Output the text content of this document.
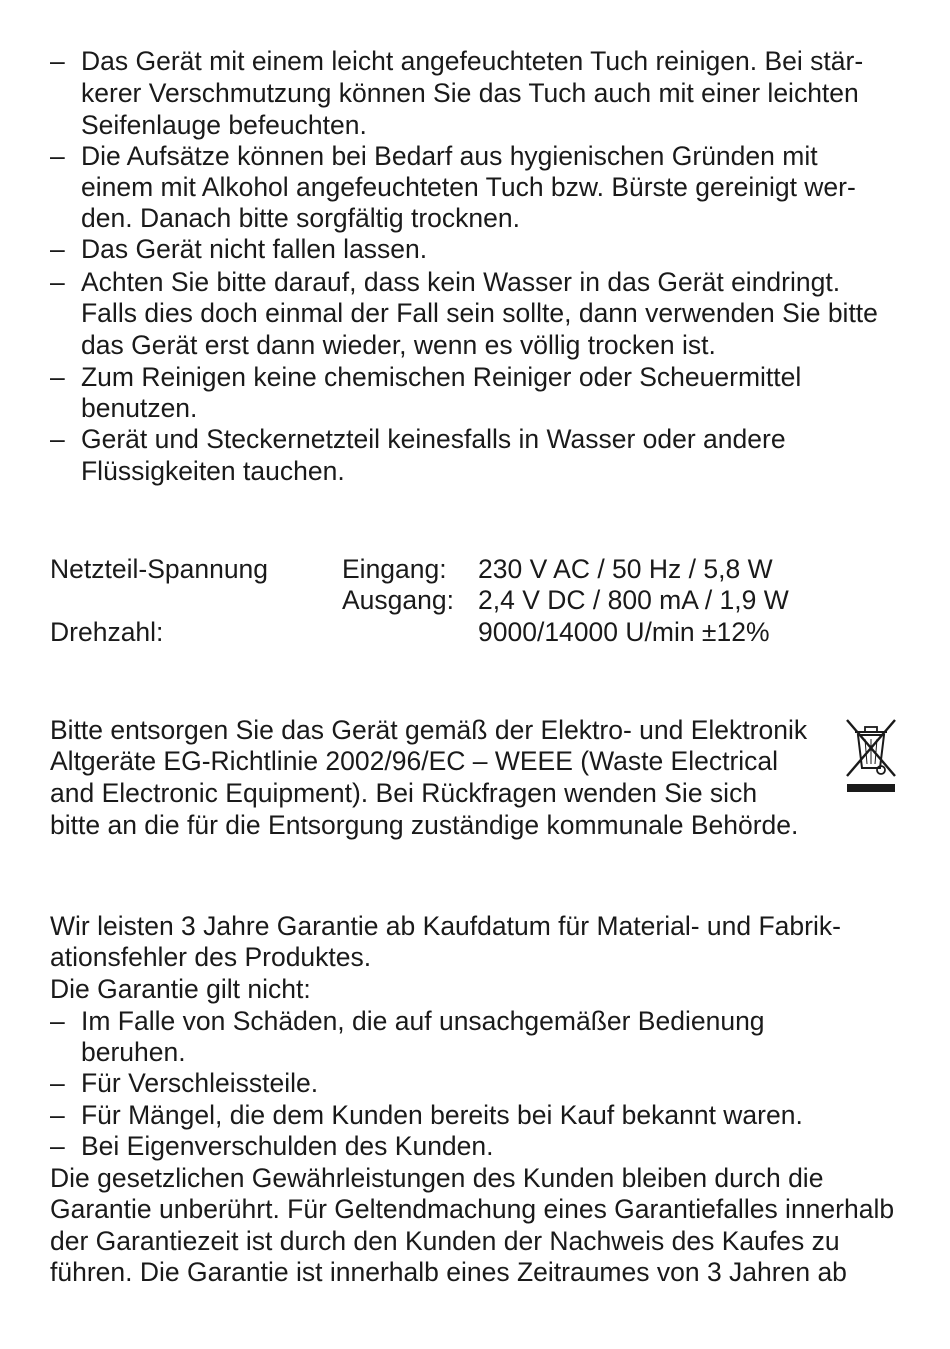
– Das Gerät mit einem leicht angefeuchteten Tuch reinigen. Bei stär-
kerer Verschmutzung können Sie das Tuch auch mit einer leichten
Seifenlauge befeuchten.
– Die Aufsätze können bei Bedarf aus hygienischen Gründen mit
einem mit Alkohol angefeuchteten Tuch bzw. Bürste gereinigt wer-
den. Danach bitte sorgfältig trocknen.
– Das Gerät nicht fallen lassen.
– Achten Sie bitte darauf, dass kein Wasser in das Gerät eindringt.
Falls dies doch einmal der Fall sein sollte, dann verwenden Sie bitte
das Gerät erst dann wieder, wenn es völlig trocken ist.
– Zum Reinigen keine chemischen Reiniger oder Scheuermittel
benutzen.
– Gerät und Steckernetzteil keinesfalls in Wasser oder andere
Flüssigkeiten tauchen.
Netzteil-Spannung	Eingang: 230 V AC / 50 Hz / 5,8 W
Ausgang: 2,4 V DC / 800 mA / 1,9 W
Drehzahl:	9000/14000 U/min ±12%
Bitte entsorgen Sie das Gerät gemäß der Elektro- und Elektronik
Altgeräte EG-Richtlinie 2002/96/EC – WEEE (Waste Electrical
and Electronic Equipment). Bei Rückfragen wenden Sie sich
bitte an die für die Entsorgung zuständige kommunale Behörde.
Wir leisten 3 Jahre Garantie ab Kaufdatum für Material- und Fabrik-
ationsfehler des Produktes.
Die Garantie gilt nicht:
– Im Falle von Schäden, die auf unsachgemäßer Bedienung
beruhen.
– Für Verschleissteile.
– Für Mängel, die dem Kunden bereits bei Kauf bekannt waren.
– Bei Eigenverschulden des Kunden.
Die gesetzlichen Gewährleistungen des Kunden bleiben durch die
Garantie unberührt. Für Geltendmachung eines Garantiefalles innerhalb
der Garantiezeit ist durch den Kunden der Nachweis des Kaufes zu
führen. Die Garantie ist innerhalb eines Zeitraumes von 3 Jahren ab
